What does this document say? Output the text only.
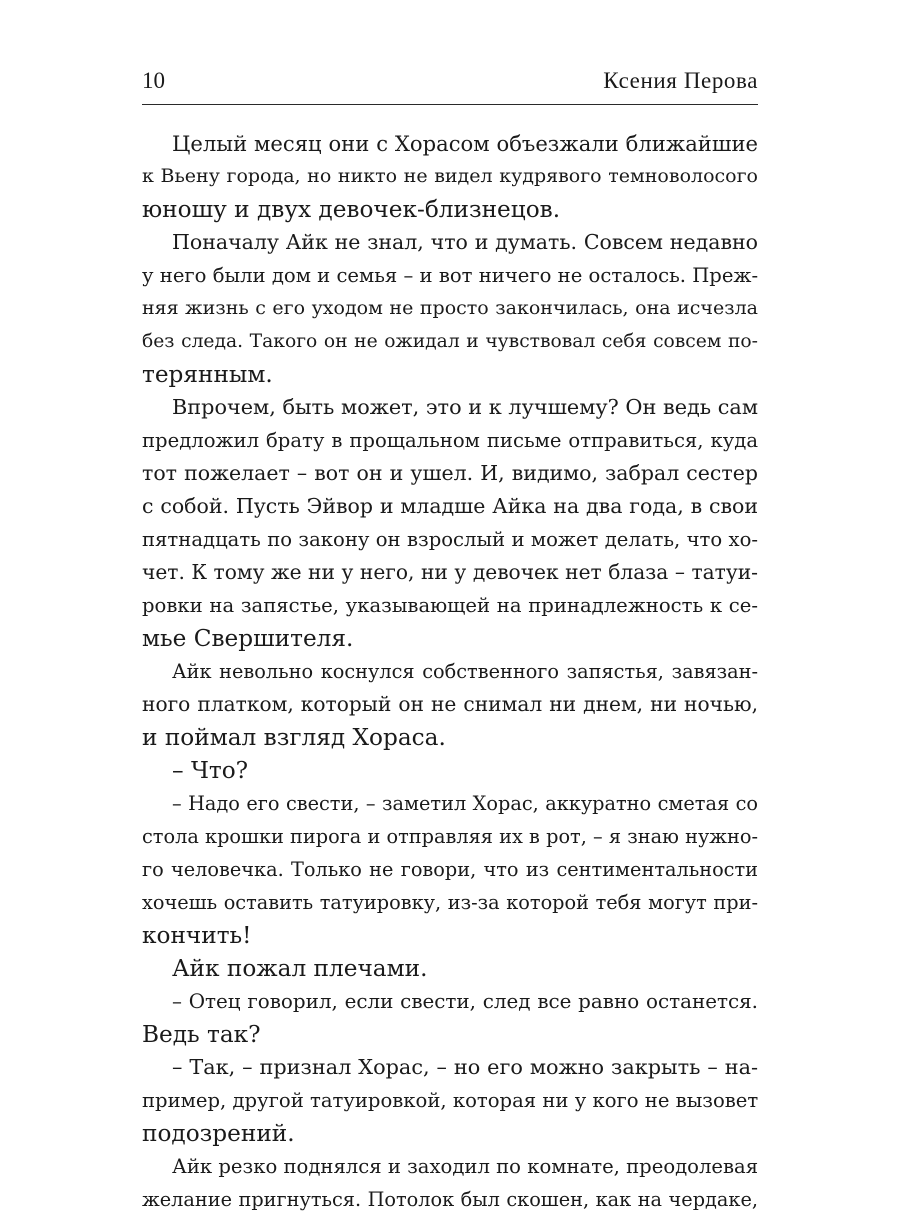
10	Ксения Перова
Целый месяц они с Хорасом объезжали ближайшие
к Вьену города, но никто не видел кудрявого темноволосого
юношу и двух девочек-близнецов.
Поначалу Айк не знал, что и думать. Совсем недавно
у него были дом и семья – и вот ничего не осталось. Преж-
няя жизнь с его уходом не просто закончилась, она исчезла
без следа. Такого он не ожидал и чувствовал себя совсем по-
терянным.
Впрочем, быть может, это и к лучшему? Он ведь сам
предложил брату в прощальном письме отправиться, куда
тот пожелает – вот он и ушел. И, видимо, забрал сестер
с собой. Пусть Эйвор и младше Айка на два года, в свои
пятнадцать по закону он взрослый и может делать, что хо-
чет. К тому же ни у него, ни у девочек нет блаза – татуи-
ровки на запястье, указывающей на принадлежность к се-
мье Свершителя.
Айк невольно коснулся собственного запястья, завязан-
ного платком, который он не снимал ни днем, ни ночью,
и поймал взгляд Хораса.
– Что?
– Надо его свести, – заметил Хорас, аккуратно сметая со
стола крошки пирога и отправляя их в рот, – я знаю нужно-
го человечка. Только не говори, что из сентиментальности
хочешь оставить татуировку, из-за которой тебя могут при-
кончить!
Айк пожал плечами.
– Отец говорил, если свести, след все равно останется.
Ведь так?
– Так, – признал Хорас, – но его можно закрыть – на-
пример, другой татуировкой, которая ни у кого не вызовет
подозрений.
Айк резко поднялся и заходил по комнате, преодолевая
желание пригнуться. Потолок был скошен, как на чердаке,
